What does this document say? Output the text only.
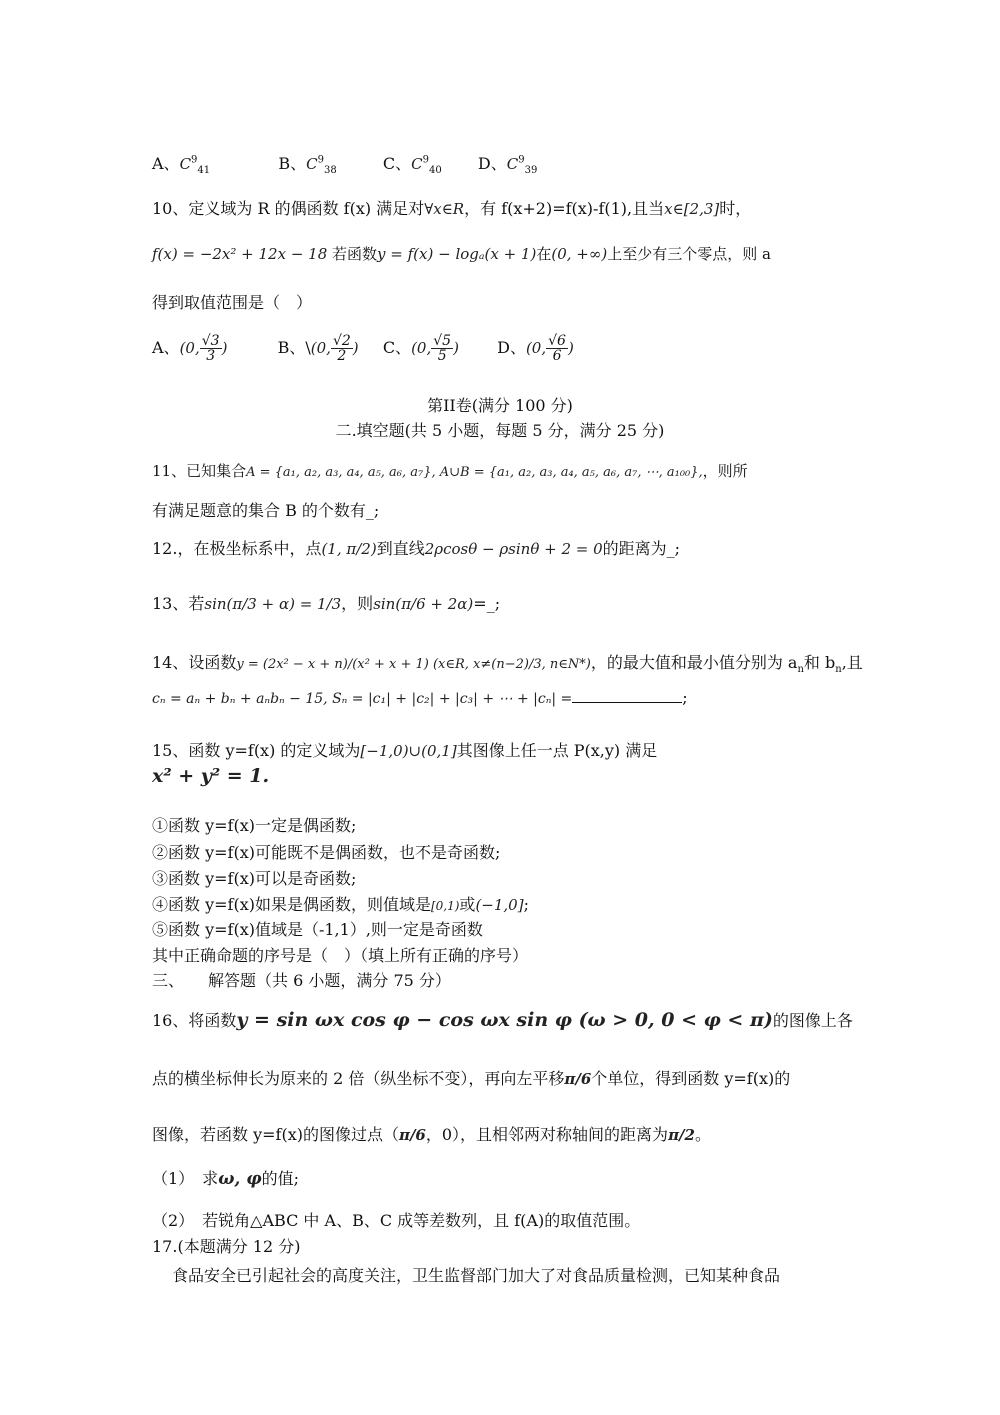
A、$C^9_{41}$	B、$C^9_{38}$	C、$C^9_{40}$ D、$C^9_{39}$
10、定义域为 R 的偶函数 f(x) 满足对∀x∈R，有 f(x+2)=f(x)-f(1),且当x∈[2,3]时，
f(x) = −2x² + 12x − 18 若函数y = f(x) − logₐ(x + 1)在(0, +∞)上至少有三个零点，则 a
得到取值范围是（　）
A、(0, $\frac{√3}{3}$ )	B、\(0, $\frac{√2}{2}$ ) C、(0, $\frac{√5}{5}$ ) D、(0, $\frac{√6}{6}$ )
第II卷(满分 100 分)
二.填空题(共 5 小题，每题 5 分，满分 25 分)
11、已知集合A = {a₁, a₂, a₃, a₄, a₅, a₆, a₇}, A∪B = {a₁, a₂, a₃, a₄, a₅, a₆, a₇, ⋯, a₁₀₀},，则所
有满足题意的集合 B 的个数有_;
12.，在极坐标系中，点(1, π/2)到直线2ρcosθ − ρsinθ + 2 = 0的距离为_;
13、若sin(π/3 + α) = 1/3，则sin(π/6 + 2α)=_;
14、设函数y = (2x² − x + n)/(x² + x + 1) (x∈R, x≠(n−2)/3, n∈N*)，的最大值和最小值分别为 $a_n$和 $b_n$,且
cₙ = aₙ + bₙ + aₙbₙ − 15, Sₙ = |c₁| + |c₂| + |c₃| + ⋯ + |cₙ| =	;
15、函数 y=f(x) 的定义域为[−1,0)∪(0,1]其图像上任一点 P(x,y) 满足
x² + y² = 1.
①函数 y=f(x)一定是偶函数;
②函数 y=f(x)可能既不是偶函数，也不是奇函数;
③函数 y=f(x)可以是奇函数;
④函数 y=f(x)如果是偶函数，则值域是[0,1)或(−1,0];
⑤函数 y=f(x)值域是（-1,1）,则一定是奇函数
其中正确命题的序号是（　）（填上所有正确的序号）
三、　　解答题（共 6 小题，满分 75 分）
16、将函数y = sin ωx cos φ − cos ωx sin φ (ω > 0, 0 < φ < π)的图像上各
点的横坐标伸长为原来的 2 倍（纵坐标不变），再向左平移π/6个单位，得到函数 y=f(x)的
图像，若函数 y=f(x)的图像过点（π/6，0），且相邻两对称轴间的距离为π/2。
（1）　求ω, φ的值;
（2）　若锐角△ABC 中 A、B、C 成等差数列，且 f(A)的取值范围。
17.(本题满分 12 分)
食品安全已引起社会的高度关注，卫生监督部门加大了对食品质量检测，已知某种食品
